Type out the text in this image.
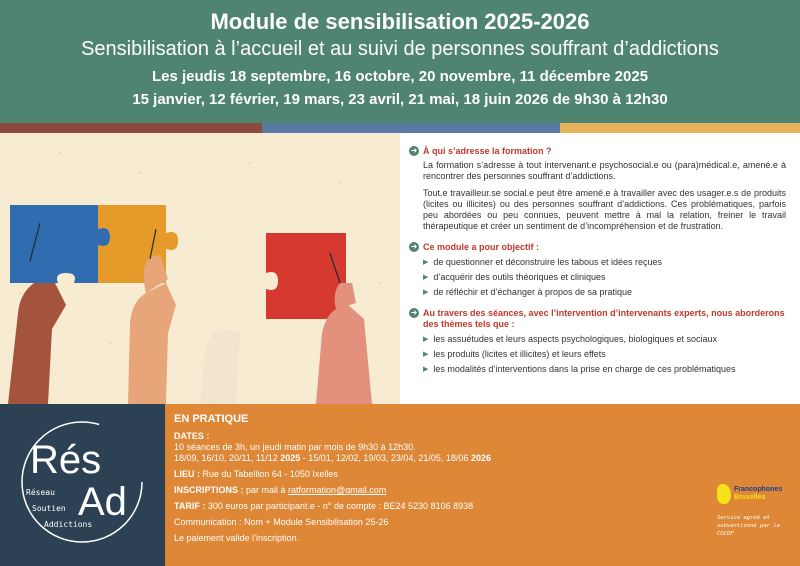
Module de sensibilisation 2025-2026
Sensibilisation à l’accueil et au suivi de personnes souffrant d’addictions
Les jeudis 18 septembre, 16 octobre, 20 novembre, 11 décembre 2025
15 janvier, 12 février, 19 mars, 23 avril, 21 mai, 18 juin 2026 de 9h30 à 12h30
➜ À qui s’adresse la formation ?
La formation s’adresse à tout intervenant.e psychosocial.e ou (para)médical.e, amené.e à rencontrer des personnes souffrant d’addictions.
Tout.e travailleur.se social.e peut être amené.e à travailler avec des usager.e.s de produits (licites ou illicites) ou des personnes souffrant d’addictions. Ces problématiques, parfois peu abordées ou peu connues, peuvent mettre à mal la relation, freiner le travail thérapeutique et créer un sentiment de d’incompréhension et de frustration.
➜ Ce module a pour objectif :
▶ de questionner et déconstruire les tabous et idées reçues
▶ d’acquérir des outils théoriques et cliniques
▶ de réfléchir et d’échanger à propos de sa pratique
➜ Au travers des séances, avec l’intervention d’intervenants experts, nous aborderons des thèmes tels que :
▶ les assuétudes et leurs aspects psychologiques, biologiques et sociaux
▶ les produits (licites et illicites) et leurs effets
▶ les modalités d’interventions dans la prise en charge de ces problématiques
Rés
Ad
Réseau
Soutien
Addictions
EN PRATIQUE
DATES :
10 séances de 3h, un jeudi matin par mois de 9h30 à 12h30.
18/09, 16/10, 20/11, 11/12 2025 - 15/01, 12/02, 19/03, 23/04, 21/05, 18/06 2026
LIEU : Rue du Tabellion 64 - 1050 Ixelles
INSCRIPTIONS : par mail à ratformation@gmail.com
TARIF : 300 euros par participant.e - n° de compte : BE24 5230 8106 8938
Communication : Nom + Module Sensibilisation 25-26
Le paiement valide l’inscription.
Francophones
Bruxelles
Service agréé et subventionné par la COCOF
